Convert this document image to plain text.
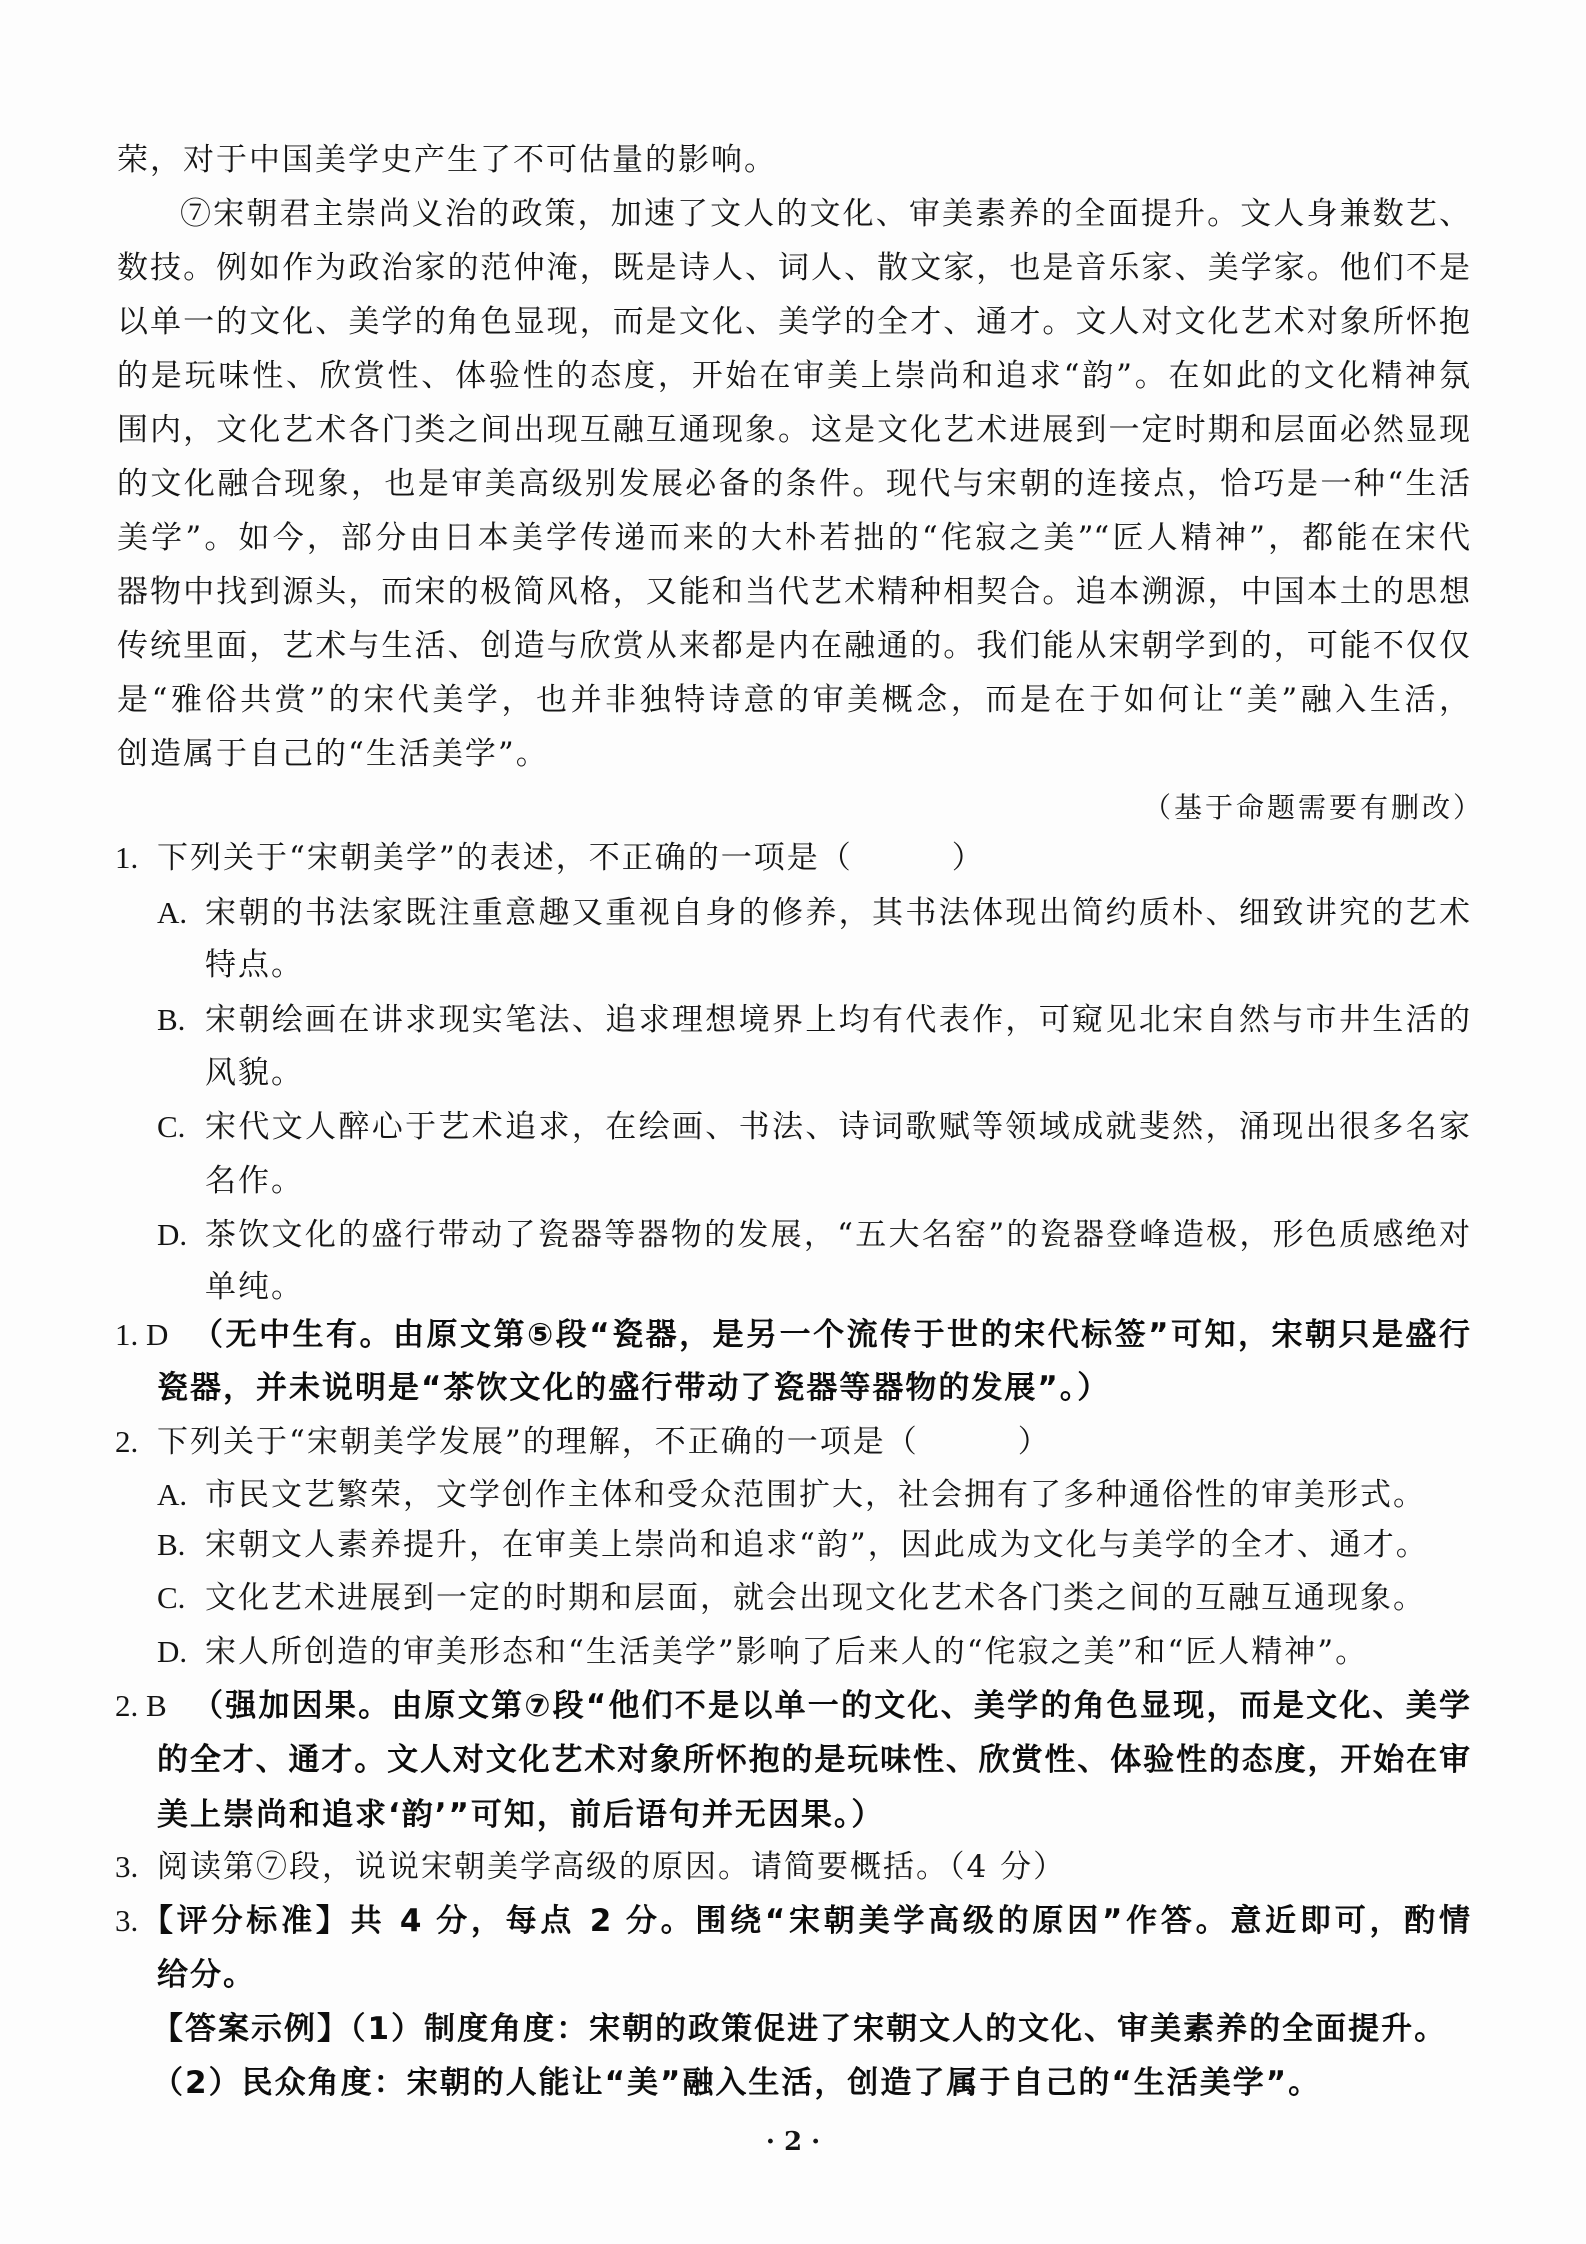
荣，对于中国美学史产生了不可估量的影响。
⑦宋朝君主崇尚义治的政策，加速了文人的文化、审美素养的全面提升。文人身兼数艺、
数技。例如作为政治家的范仲淹，既是诗人、词人、散文家，也是音乐家、美学家。他们不是
以单一的文化、美学的角色显现，而是文化、美学的全才、通才。文人对文化艺术对象所怀抱
的是玩味性、欣赏性、体验性的态度，开始在审美上崇尚和追求“韵”。在如此的文化精神氛
围内，文化艺术各门类之间出现互融互通现象。这是文化艺术进展到一定时期和层面必然显现
的文化融合现象，也是审美高级别发展必备的条件。现代与宋朝的连接点，恰巧是一种“生活
美学”。如今，部分由日本美学传递而来的大朴若拙的“侘寂之美”“匠人精神”，都能在宋代
器物中找到源头，而宋的极简风格，又能和当代艺术精种相契合。追本溯源，中国本土的思想
传统里面，艺术与生活、创造与欣赏从来都是内在融通的。我们能从宋朝学到的，可能不仅仅
是“雅俗共赏”的宋代美学，也并非独特诗意的审美概念，而是在于如何让“美”融入生活，
创造属于自己的“生活美学”。
（基于命题需要有删改）
1. 下列关于“宋朝美学”的表述，不正确的一项是（　　　）
A. 宋朝的书法家既注重意趣又重视自身的修养，其书法体现出简约质朴、细致讲究的艺术
特点。
B. 宋朝绘画在讲求现实笔法、追求理想境界上均有代表作，可窥见北宋自然与市井生活的
风貌。
C. 宋代文人醉心于艺术追求，在绘画、书法、诗词歌赋等领域成就斐然，涌现出很多名家
名作。
D. 茶饮文化的盛行带动了瓷器等器物的发展，“五大名窑”的瓷器登峰造极，形色质感绝对
单纯。
1. D （无中生有。由原文第⑤段“瓷器，是另一个流传于世的宋代标签”可知，宋朝只是盛行
瓷器，并未说明是“茶饮文化的盛行带动了瓷器等器物的发展”。）
2. 下列关于“宋朝美学发展”的理解，不正确的一项是（　　　）
A. 市民文艺繁荣，文学创作主体和受众范围扩大，社会拥有了多种通俗性的审美形式。
B. 宋朝文人素养提升，在审美上崇尚和追求“韵”，因此成为文化与美学的全才、通才。
C. 文化艺术进展到一定的时期和层面，就会出现文化艺术各门类之间的互融互通现象。
D. 宋人所创造的审美形态和“生活美学”影响了后来人的“侘寂之美”和“匠人精神”。
2. B （强加因果。由原文第⑦段“他们不是以单一的文化、美学的角色显现，而是文化、美学
的全才、通才。文人对文化艺术对象所怀抱的是玩味性、欣赏性、体验性的态度，开始在审
美上崇尚和追求‘韵’”可知，前后语句并无因果。）
3. 阅读第⑦段，说说宋朝美学高级的原因。请简要概括。（4 分）
3. 【评分标准】共 4 分，每点 2 分。围绕“宋朝美学高级的原因”作答。意近即可，酌情
给分。
【答案示例】（1）制度角度：宋朝的政策促进了宋朝文人的文化、审美素养的全面提升。
（2）民众角度：宋朝的人能让“美”融入生活，创造了属于自己的“生活美学”。
· 2 ·
